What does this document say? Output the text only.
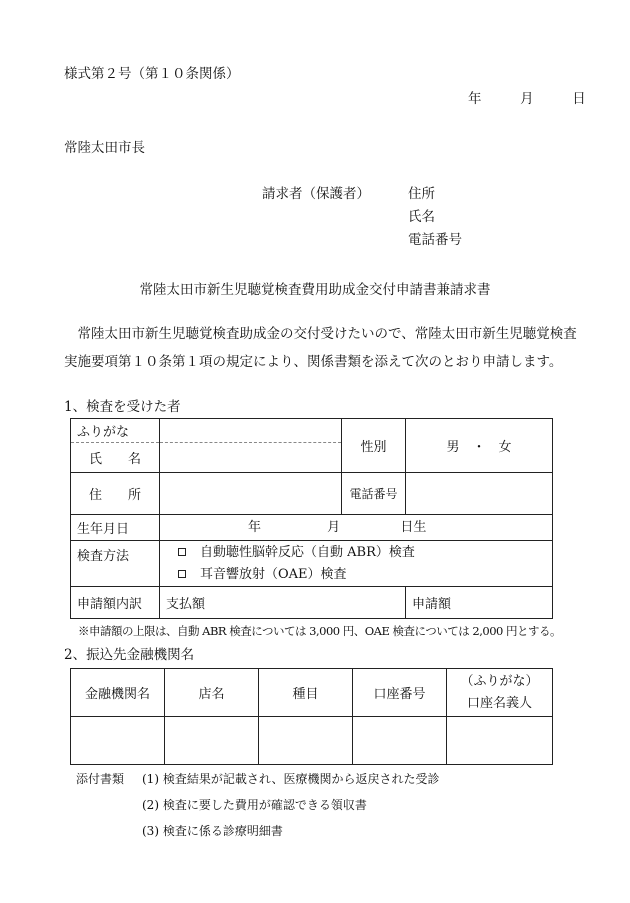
様式第２号（第１０条関係）
年	月	日
常陸太田市長
請求者（保護者）	住所
氏名
電話番号
常陸太田市新生児聴覚検査費用助成金交付申請書兼請求書
常陸太田市新生児聴覚検査助成金の交付受けたいので、常陸太田市新生児聴覚検査実施要項第１０条第１項の規定により、関係書類を添えて次のとおり申請します。
1、検査を受けた者
ふりがな		性別	男　・　女
氏　　名			
住　　所		電話番号	
生年月日	年 月 日生		
検査方法	自動聴性脳幹反応（自動 ABR）検査
耳音響放射（OAE）検査		

申請額内訳	支払額		申請額
※申請額の上限は、自動 ABR 検査については 3,000 円、OAE 検査については 2,000 円とする。
2、振込先金融機関名
金融機関名	店名	種目	口座番号	（ふりがな）
口座名義人

添付書類 (1) 検査結果が記載され、医療機関から返戻された受診
(2) 検査に要した費用が確認できる領収書
(3) 検査に係る診療明細書
